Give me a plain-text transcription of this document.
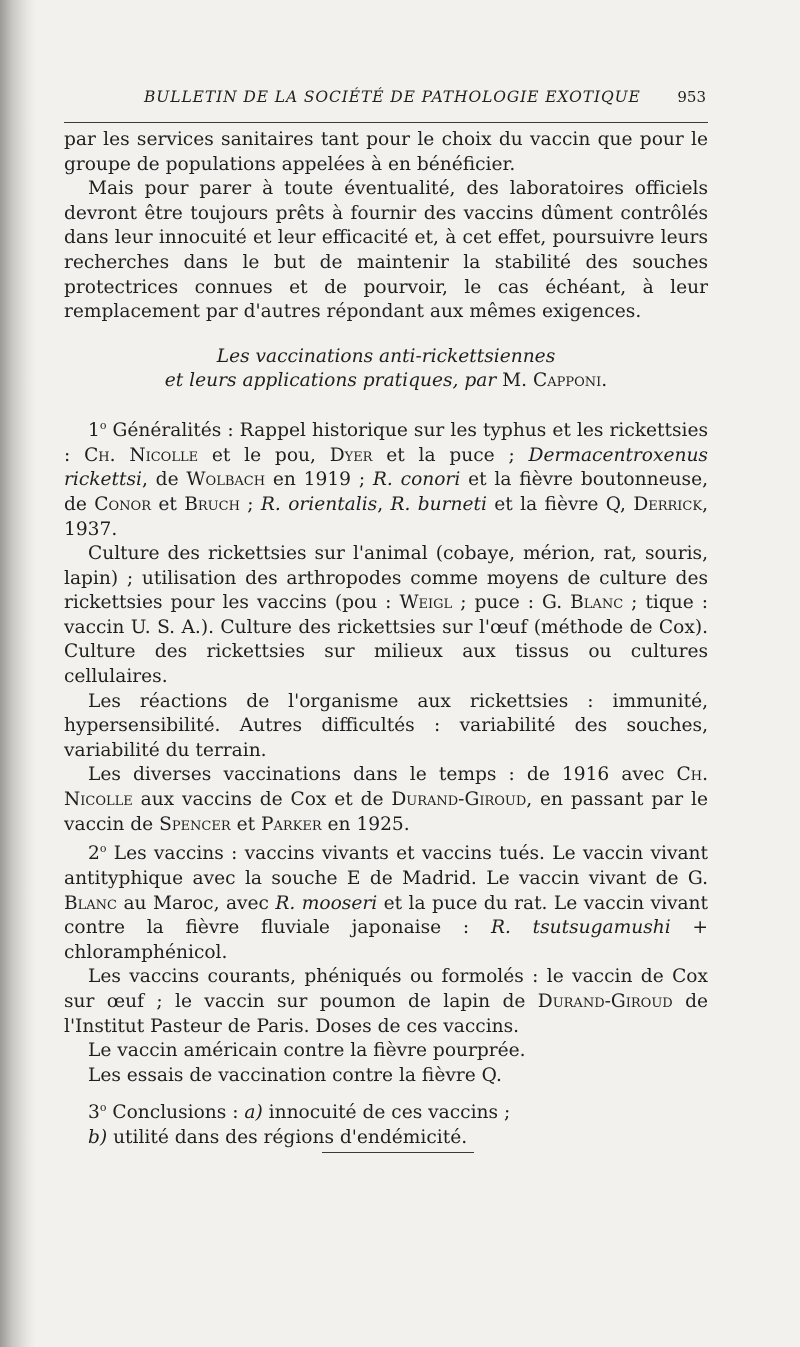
BULLETIN DE LA SOCIÉTÉ DE PATHOLOGIE EXOTIQUE 953

par les services sanitaires tant pour le choix du vaccin que pour le groupe de populations appelées à en bénéficier.

Mais pour parer à toute éventualité, des laboratoires officiels devront être toujours prêts à fournir des vaccins dûment contrôlés dans leur innocuité et leur efficacité et, à cet effet, poursuivre leurs recherches dans le but de maintenir la stabilité des souches protectrices connues et de pourvoir, le cas échéant, à leur remplacement par d'autres répondant aux mêmes exigences.

Les vaccinations anti-rickettsiennes

et leurs applications pratiques, par M. Capponi.

1$^o$ Généralités : Rappel historique sur les typhus et les rickettsies : Ch. Nicolle et le pou, Dyer et la puce ; Dermacentroxenus rickettsi, de Wolbach en 1919 ; R. conori et la fièvre boutonneuse, de Conor et Bruch ; R. orientalis, R. burneti et la fièvre Q, Derrick, 1937.

Culture des rickettsies sur l'animal (cobaye, mérion, rat, souris, lapin) ; utilisation des arthropodes comme moyens de culture des rickettsies pour les vaccins (pou : Weigl ; puce : G. Blanc ; tique : vaccin U. S. A.). Culture des rickettsies sur l'œuf (méthode de Cox). Culture des rickettsies sur milieux aux tissus ou cultures cellulaires.

Les réactions de l'organisme aux rickettsies : immunité, hypersensibilité. Autres difficultés : variabilité des souches, variabilité du terrain.

Les diverses vaccinations dans le temps : de 1916 avec Ch. Nicolle aux vaccins de Cox et de Durand-Giroud, en passant par le vaccin de Spencer et Parker en 1925.

2$^o$ Les vaccins : vaccins vivants et vaccins tués. Le vaccin vivant antityphique avec la souche E de Madrid. Le vaccin vivant de G. Blanc au Maroc, avec R. mooseri et la puce du rat. Le vaccin vivant contre la fièvre fluviale japonaise : R. tsutsugamushi + chloramphénicol.

Les vaccins courants, phéniqués ou formolés : le vaccin de Cox sur œuf ; le vaccin sur poumon de lapin de Durand-Giroud de l'Institut Pasteur de Paris. Doses de ces vaccins.

Le vaccin américain contre la fièvre pourprée.

Les essais de vaccination contre la fièvre Q.

3$^o$ Conclusions : a) innocuité de ces vaccins ;

b) utilité dans des régions d'endémicité.
